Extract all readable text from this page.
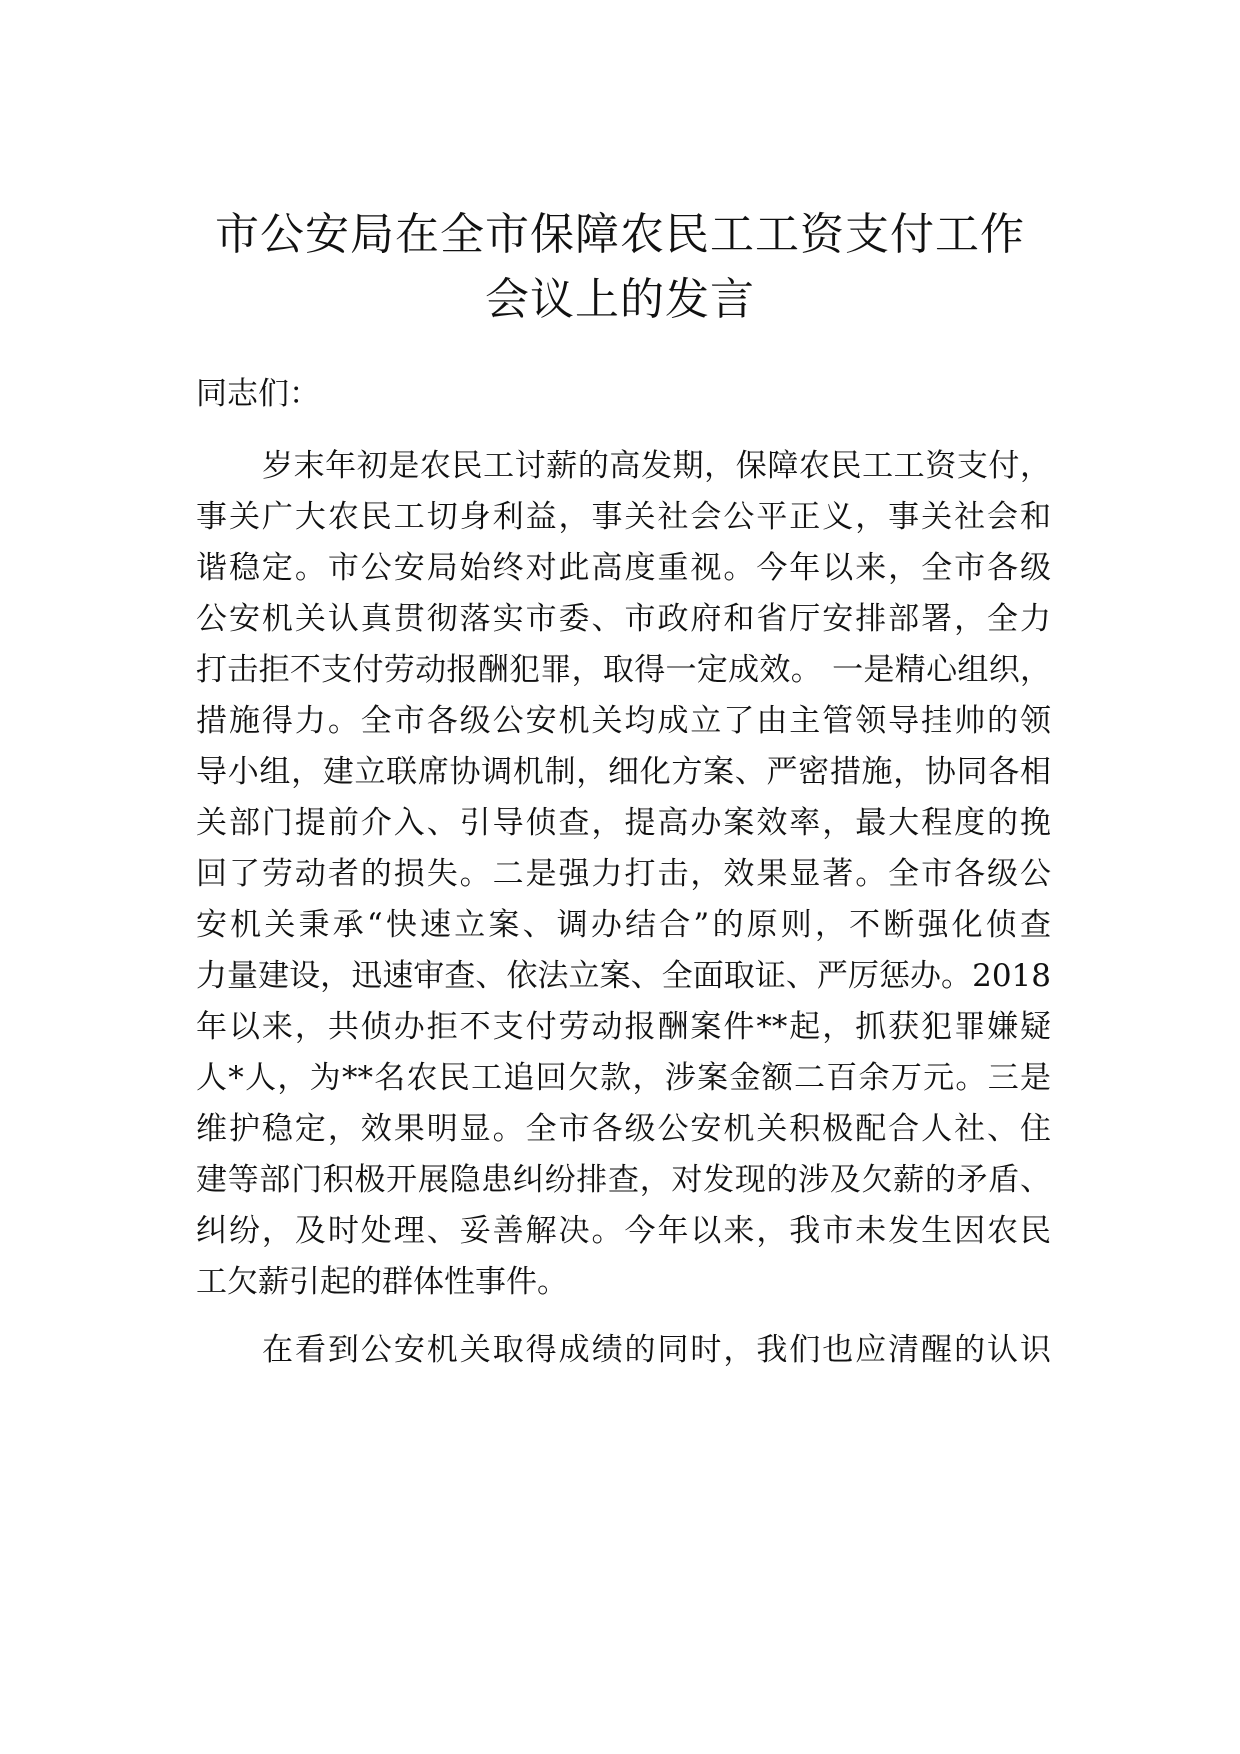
市公安局在全市保障农民工工资支付工作
会议上的发言
同志们：
岁末年初是农民工讨薪的高发期，保障农民工工资支付，
事关广大农民工切身利益，事关社会公平正义，事关社会和
谐稳定。市公安局始终对此高度重视。今年以来，全市各级
公安机关认真贯彻落实市委、市政府和省厅安排部署，全力
打击拒不支付劳动报酬犯罪，取得一定成效。 一是精心组织，
措施得力。全市各级公安机关均成立了由主管领导挂帅的领
导小组，建立联席协调机制，细化方案、严密措施，协同各相
关部门提前介入、引导侦查，提高办案效率，最大程度的挽
回了劳动者的损失。二是强力打击，效果显著。全市各级公
安机关秉承“快速立案、调办结合”的原则，不断强化侦查
力量建设，迅速审查、依法立案、全面取证、严厉惩办。2018
年以来，共侦办拒不支付劳动报酬案件**起，抓获犯罪嫌疑
人*人，为**名农民工追回欠款，涉案金额二百余万元。三是
维护稳定，效果明显。全市各级公安机关积极配合人社、住
建等部门积极开展隐患纠纷排查，对发现的涉及欠薪的矛盾、
纠纷，及时处理、妥善解决。今年以来，我市未发生因农民
工欠薪引起的群体性事件。
在看到公安机关取得成绩的同时，我们也应清醒的认识
